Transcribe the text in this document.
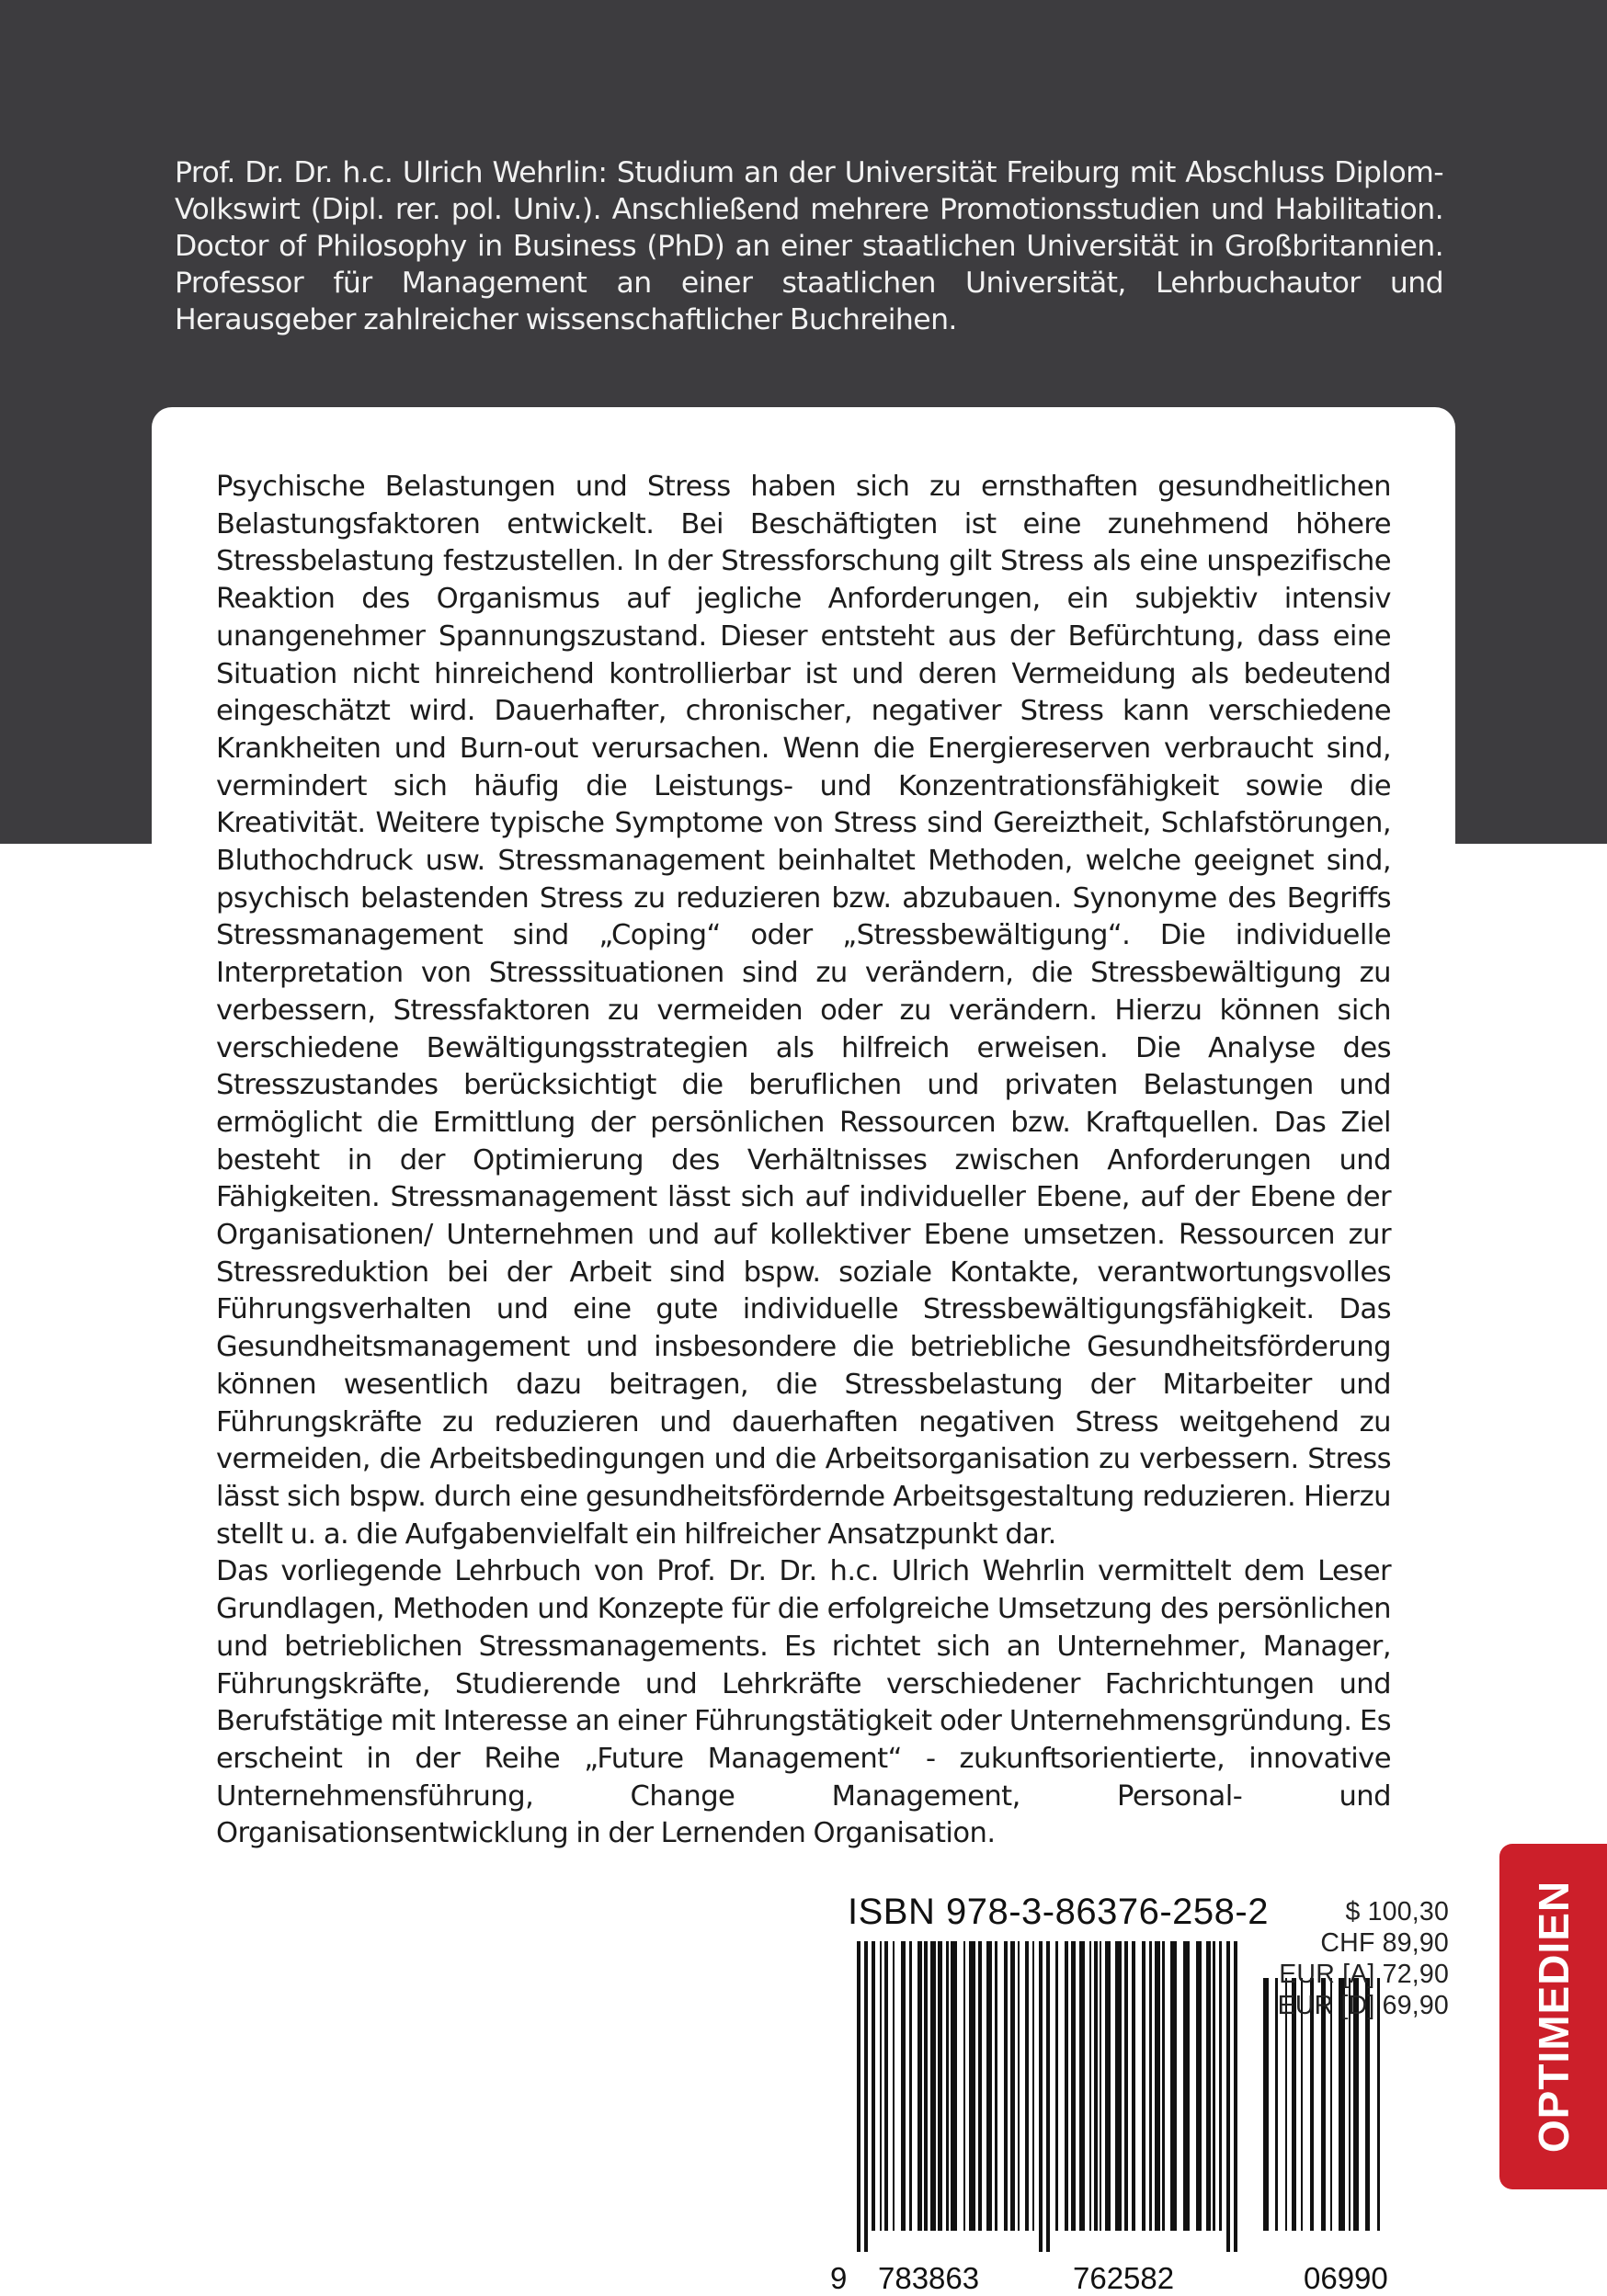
Prof. Dr. Dr. h.c. Ulrich Wehrlin: Studium an der Universität Freiburg mit Abschluss Diplom-Volkswirt (Dipl. rer. pol. Univ.). Anschließend mehrere Promotionsstudien und Habilitation. Doctor of Philosophy in Business (PhD) an einer staatlichen Universität in Großbritannien. Professor für Management an einer staatlichen Universität, Lehrbuchautor und Herausgeber zahlreicher wissenschaftlicher Buchreihen.

Psychische Belastungen und Stress haben sich zu ernsthaften gesundheitlichen Belastungsfaktoren entwickelt. Bei Beschäftigten ist eine zunehmend höhere Stressbelastung festzustellen. In der Stressforschung gilt Stress als eine unspezifische Reaktion des Organismus auf jegliche Anforderungen, ein subjektiv intensiv unangenehmer Spannungszustand. Dieser entsteht aus der Befürchtung, dass eine Situation nicht hinreichend kontrollierbar ist und deren Vermeidung als bedeutend eingeschätzt wird. Dauerhafter, chronischer, negativer Stress kann verschiedene Krankheiten und Burn-out verursachen. Wenn die Energiereserven verbraucht sind, vermindert sich häufig die Leistungs- und Konzentrationsfähigkeit sowie die Kreativität. Weitere typische Symptome von Stress sind Gereiztheit, Schlafstörungen, Bluthochdruck usw. Stressmanagement beinhaltet Methoden, welche geeignet sind, psychisch belastenden Stress zu reduzieren bzw. abzubauen. Synonyme des Begriffs Stressmanagement sind „Coping“ oder „Stressbewältigung“. Die individuelle Interpretation von Stresssituationen sind zu verändern, die Stressbewältigung zu verbessern, Stressfaktoren zu vermeiden oder zu verändern. Hierzu können sich verschiedene Bewältigungsstrategien als hilfreich erweisen. Die Analyse des Stresszustandes berücksichtigt die beruflichen und privaten Belastungen und ermöglicht die Ermittlung der persönlichen Ressourcen bzw. Kraftquellen. Das Ziel besteht in der Optimierung des Verhältnisses zwischen Anforderungen und Fähigkeiten. Stressmanagement lässt sich auf individueller Ebene, auf der Ebene der Organisationen/ Unternehmen und auf kollektiver Ebene umsetzen. Ressourcen zur Stressreduktion bei der Arbeit sind bspw. soziale Kontakte, verantwortungsvolles Führungsverhalten und eine gute individuelle Stressbewältigungsfähigkeit. Das Gesundheitsmanagement und insbesondere die betriebliche Gesundheitsförderung können wesentlich dazu beitragen, die Stressbelastung der Mitarbeiter und Führungskräfte zu reduzieren und dauerhaften negativen Stress weitgehend zu vermeiden, die Arbeitsbedingungen und die Arbeitsorganisation zu verbessern. Stress lässt sich bspw. durch eine gesundheitsfördernde Arbeitsgestaltung reduzieren. Hierzu stellt u. a. die Aufgabenvielfalt ein hilfreicher Ansatzpunkt dar.

Das vorliegende Lehrbuch von Prof. Dr. Dr. h.c. Ulrich Wehrlin vermittelt dem Leser Grundlagen, Methoden und Konzepte für die erfolgreiche Umsetzung des persönlichen und betrieblichen Stressmanagements. Es richtet sich an Unternehmer, Manager, Führungskräfte, Studierende und Lehrkräfte verschiedener Fachrichtungen und Berufstätige mit Interesse an einer Führungstätigkeit oder Unternehmensgründung. Es erscheint in der Reihe „Future Management“ - zukunftsorientierte, innovative Unternehmensführung, Change Management, Personal- und Organisationsentwicklung in der Lernenden Organisation.

ISBN 978-3-86376-258-2
9 783863	762582	06990
$ 100,30
CHF 89,90
EUR [A] 72,90
EUR [D] 69,90 OPTIMEDIEN
